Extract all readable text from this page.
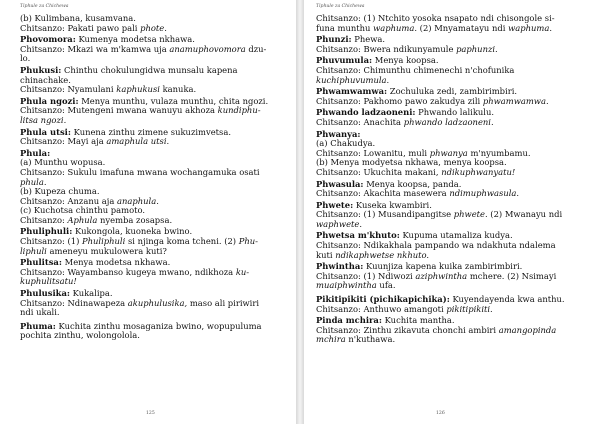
Tiphule za Chichewa
(b) Kulimbana, kusamvana.
Chitsanzo: Pakati pawo pali phote.
Phovomora: Kumenya modetsa nkhawa.
Chitsanzo: Mkazi wa m'kamwa uja anamuphovomora dzu-
lo.
Phukusi: Chinthu chokulungidwa munsalu kapena
chinachake.
Chitsanzo: Nyamulani kaphukusi kanuka.
Phula ngozi: Menya munthu, vulaza munthu, chita ngozi.
Chitsanzo: Mutengeni mwana wanuyu akhoza kundiphu-
litsa ngozi.
Phula utsi: Kunena zinthu zimene sukuzimvetsa.
Chitsanzo: Mayi aja amaphula utsi.
Phula:
(a) Munthu wopusa.
Chitsanzo: Sukulu imafuna mwana wochangamuka osati
phula.
(b) Kupeza chuma.
Chitsanzo: Anzanu aja anaphula.
(c) Kuchotsa chinthu pamoto.
Chitsanzo: Aphula nyemba zosapsa.
Phuliphuli: Kukongola, kuoneka bwino.
Chitsanzo: (1) Phuliphuli si njinga koma tcheni. (2) Phu-
liphuli ameneyu mukulowera kuti?
Phulitsa: Menya modetsa nkhawa.
Chitsanzo: Wayambanso kugeya mwano, ndikhoza ku-
kuphulitsatu!
Phulusika: Kukalipa.
Chitsanzo: Ndinawapeza akuphulusika, maso ali piriwiri
ndi ukali.
Phuma: Kuchita zinthu mosaganiza bwino, wopupuluma
pochita zinthu, wolongolola.
125
Tiphule za Chichewa
Chitsanzo: (1) Ntchito yosoka nsapato ndi chisongole si-
funa munthu waphuma. (2) Mnyamatayu ndi waphuma.
Phunzi: Phewa.
Chitsanzo: Bwera ndikunyamule paphunzi.
Phuvumula: Menya koopsa.
Chitsanzo: Chimunthu chimenechi n'chofunika
kuchiphuvumula.
Phwamwamwa: Zochuluka zedi, zambirimbiri.
Chitsanzo: Pakhomo pawo zakudya zili phwamwamwa.
Phwando ladzaoneni: Phwando lalikulu.
Chitsanzo: Anachita phwando ladzaoneni.
Phwanya:
(a) Chakudya.
Chitsanzo: Lowanitu, muli phwanya m'nyumbamu.
(b) Menya modyetsa nkhawa, menya koopsa.
Chitsanzo: Ukuchita makani, ndikuphwanyatu!
Phwasula: Menya koopsa, panda.
Chitsanzo: Akachita masewera ndimuphwasula.
Phwete: Kuseka kwambiri.
Chitsanzo: (1) Musandipangitse phwete. (2) Mwanayu ndi
waphwete.
Phwetsa m'khuto: Kupuma utamaliza kudya.
Chitsanzo: Ndikakhala pampando wa ndakhuta ndalema
kuti ndikaphwetse nkhuto.
Phwintha: Kuunjiza kapena kuika zambirimbiri.
Chitsanzo: (1) Ndiwozi aziphwintha mchere. (2) Nsimayi
muaiphwintha ufa.
Pikitipikiti (pichikapichika): Kuyendayenda kwa anthu.
Chitsanzo: Anthuwo amangoti pikitipikiti.
Pinda mchira: Kuchita mantha.
Chitsanzo: Zinthu zikavuta chonchi ambiri amangopinda
mchira n'kuthawa.
126
